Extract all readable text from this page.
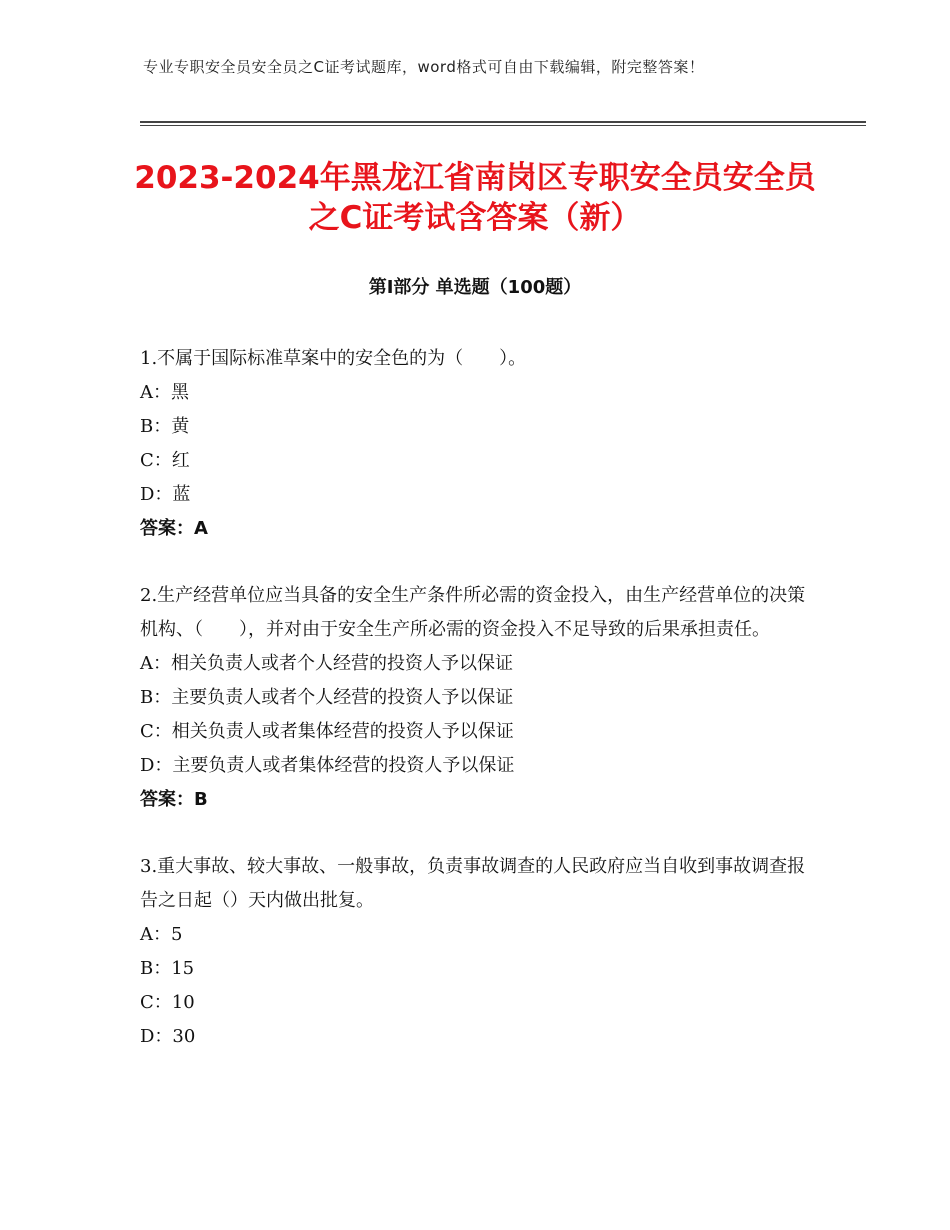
专业专职安全员安全员之C证考试题库，word格式可自由下载编辑，附完整答案！
2023-2024年黑龙江省南岗区专职安全员安全员之C证考试含答案（新）
第Ⅰ部分 单选题（100题）

1.不属于国际标准草案中的安全色的为（　　）。

A：黑

B：黄

C：红

D：蓝

答案：A

2.生产经营单位应当具备的安全生产条件所必需的资金投入，由生产经营单位的决策机构、（　　），并对由于安全生产所必需的资金投入不足导致的后果承担责任。

A：相关负责人或者个人经营的投资人予以保证

B：主要负责人或者个人经营的投资人予以保证

C：相关负责人或者集体经营的投资人予以保证

D：主要负责人或者集体经营的投资人予以保证

答案：B

3.重大事故、较大事故、一般事故，负责事故调查的人民政府应当自收到事故调查报告之日起（）天内做出批复。

A：5

B：15

C：10

D：30
